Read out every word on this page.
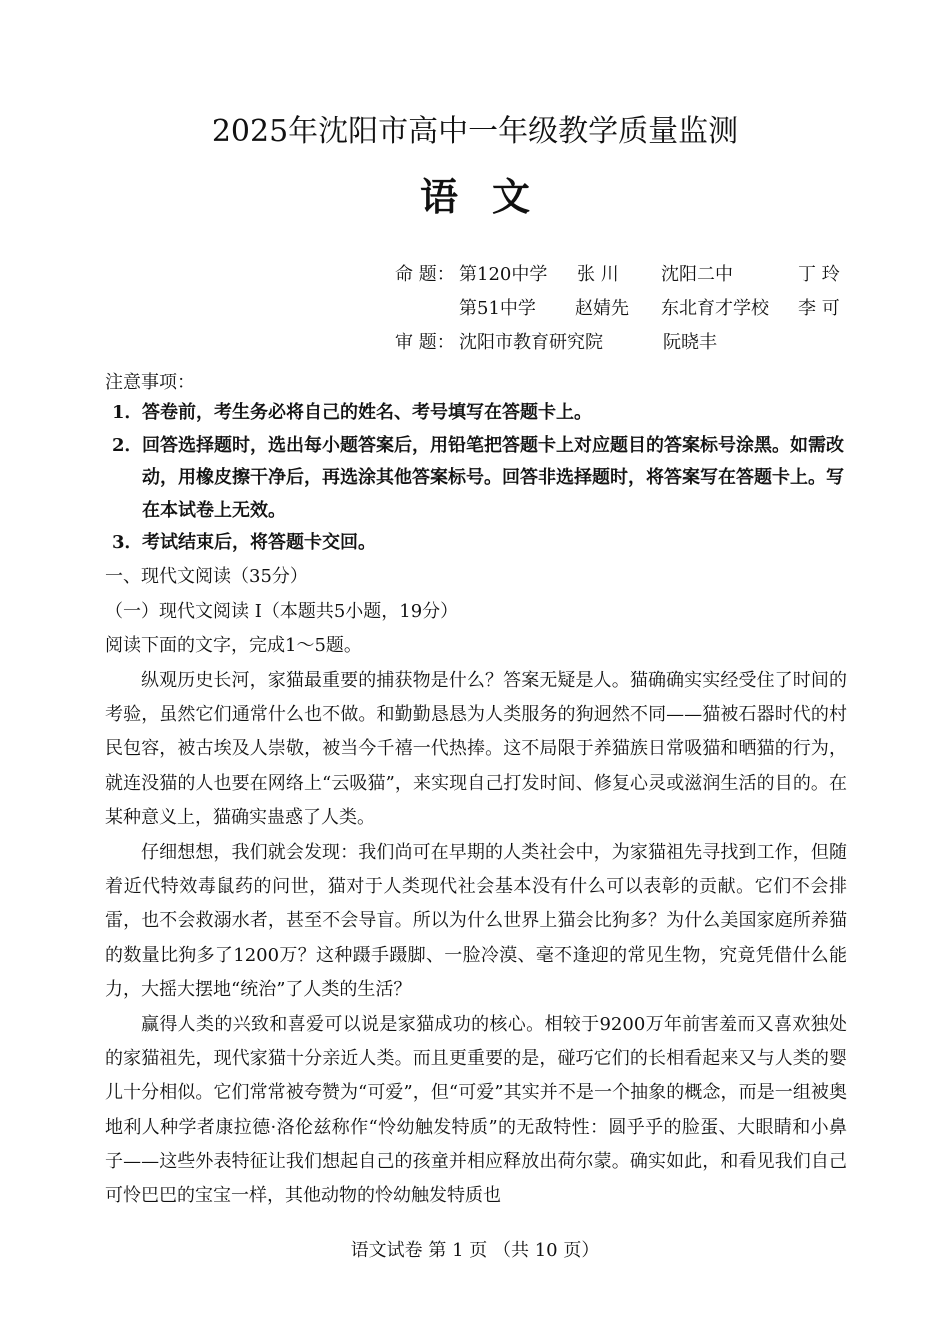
2025年沈阳市高中一年级教学质量监测
语文
命 题： 第120中学 张 川 沈阳二中	丁 玲
第51中学 赵婧先 东北育才学校 李 可
审 题： 沈阳市教育研究院	阮晓丰
注意事项：
1． 答卷前，考生务必将自己的姓名、考号填写在答题卡上。
2． 回答选择题时，选出每小题答案后，用铅笔把答题卡上对应题目的答案标号涂黑。如需改动，用橡皮擦干净后，再选涂其他答案标号。回答非选择题时，将答案写在答题卡上。写在本试卷上无效。
3． 考试结束后，将答题卡交回。
一、现代文阅读（35分）
（一）现代文阅读 I（本题共5小题，19分）
阅读下面的文字，完成1～5题。

纵观历史长河，家猫最重要的捕获物是什么？答案无疑是人。猫确确实实经受住了时间的考验，虽然它们通常什么也不做。和勤勤恳恳为人类服务的狗迥然不同——猫被石器时代的村民包容，被古埃及人崇敬，被当今千禧一代热捧。这不局限于养猫族日常吸猫和晒猫的行为，就连没猫的人也要在网络上“云吸猫”，来实现自己打发时间、修复心灵或滋润生活的目的。在某种意义上，猫确实蛊惑了人类。

仔细想想，我们就会发现：我们尚可在早期的人类社会中，为家猫祖先寻找到工作，但随着近代特效毒鼠药的问世，猫对于人类现代社会基本没有什么可以表彰的贡献。它们不会排雷，也不会救溺水者，甚至不会导盲。所以为什么世界上猫会比狗多？为什么美国家庭所养猫的数量比狗多了1200万？这种蹑手蹑脚、一脸冷漠、毫不逢迎的常见生物，究竟凭借什么能力，大摇大摆地“统治”了人类的生活？

赢得人类的兴致和喜爱可以说是家猫成功的核心。相较于9200万年前害羞而又喜欢独处的家猫祖先，现代家猫十分亲近人类。而且更重要的是，碰巧它们的长相看起来又与人类的婴儿十分相似。它们常常被夸赞为“可爱”，但“可爱”其实并不是一个抽象的概念，而是一组被奥地利人种学者康拉德·洛伦兹称作“怜幼触发特质”的无敌特性：圆乎乎的脸蛋、大眼睛和小鼻子——这些外表特征让我们想起自己的孩童并相应释放出荷尔蒙。确实如此，和看见我们自己可怜巴巴的宝宝一样，其他动物的怜幼触发特质也

语文试卷 第 1 页 （共 10 页）
